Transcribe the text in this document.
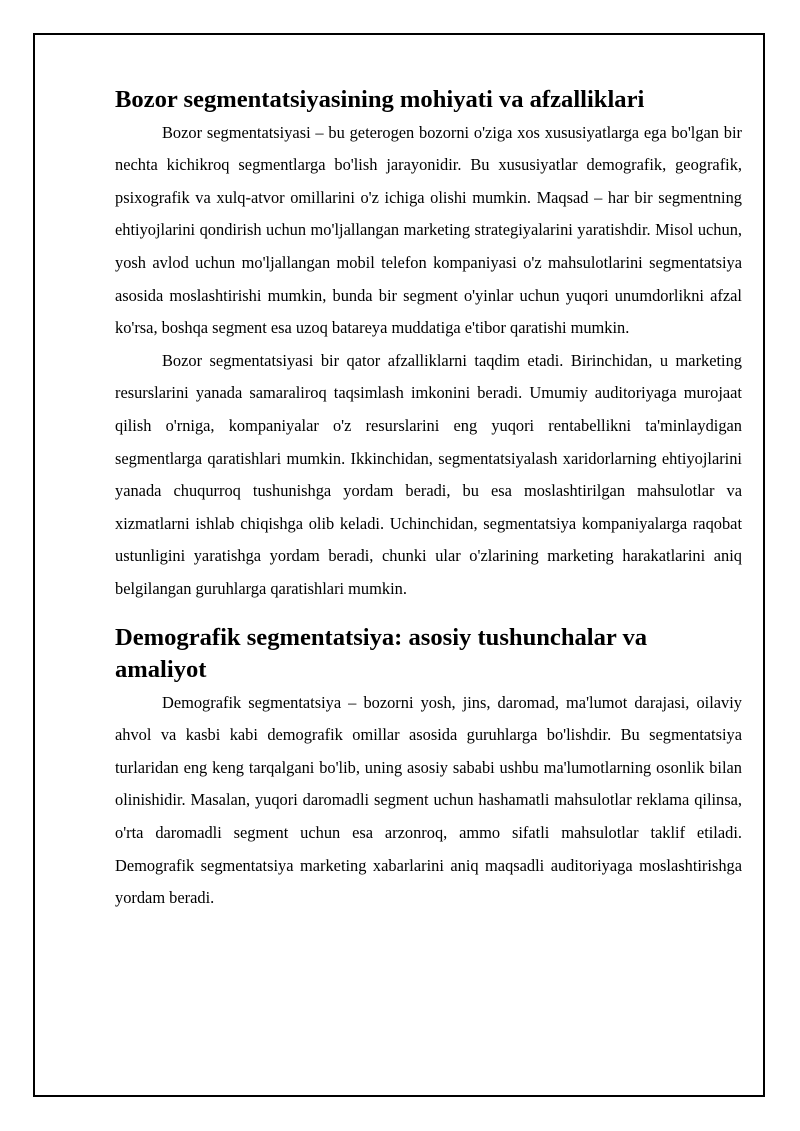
Bozor segmentatsiyasining mohiyati va afzalliklari

Bozor segmentatsiyasi – bu geterogen bozorni o'ziga xos xususiyatlarga ega bo'lgan bir nechta kichikroq segmentlarga bo'lish jarayonidir. Bu xususiyatlar demografik, geografik, psixografik va xulq-atvor omillarini o'z ichiga olishi mumkin. Maqsad – har bir segmentning ehtiyojlarini qondirish uchun mo'ljallangan marketing strategiyalarini yaratishdir. Misol uchun, yosh avlod uchun mo'ljallangan mobil telefon kompaniyasi o'z mahsulotlarini segmentatsiya asosida moslashtirishi mumkin, bunda bir segment o'yinlar uchun yuqori unumdorlikni afzal ko'rsa, boshqa segment esa uzoq batareya muddatiga e'tibor qaratishi mumkin.

Bozor segmentatsiyasi bir qator afzalliklarni taqdim etadi. Birinchidan, u marketing resurslarini yanada samaraliroq taqsimlash imkonini beradi. Umumiy auditoriyaga murojaat qilish o'rniga, kompaniyalar o'z resurslarini eng yuqori rentabellikni ta'minlaydigan segmentlarga qaratishlari mumkin. Ikkinchidan, segmentatsiyalash xaridorlarning ehtiyojlarini yanada chuqurroq tushunishga yordam beradi, bu esa moslashtirilgan mahsulotlar va xizmatlarni ishlab chiqishga olib keladi. Uchinchidan, segmentatsiya kompaniyalarga raqobat ustunligini yaratishga yordam beradi, chunki ular o'zlarining marketing harakatlarini aniq belgilangan guruhlarga qaratishlari mumkin.

Demografik segmentatsiya: asosiy tushunchalar va amaliyot

Demografik segmentatsiya – bozorni yosh, jins, daromad, ma'lumot darajasi, oilaviy ahvol va kasbi kabi demografik omillar asosida guruhlarga bo'lishdir. Bu segmentatsiya turlaridan eng keng tarqalgani bo'lib, uning asosiy sababi ushbu ma'lumotlarning osonlik bilan olinishidir. Masalan, yuqori daromadli segment uchun hashamatli mahsulotlar reklama qilinsa, o'rta daromadli segment uchun esa arzonroq, ammo sifatli mahsulotlar taklif etiladi. Demografik segmentatsiya marketing xabarlarini aniq maqsadli auditoriyaga moslashtirishga yordam beradi.
